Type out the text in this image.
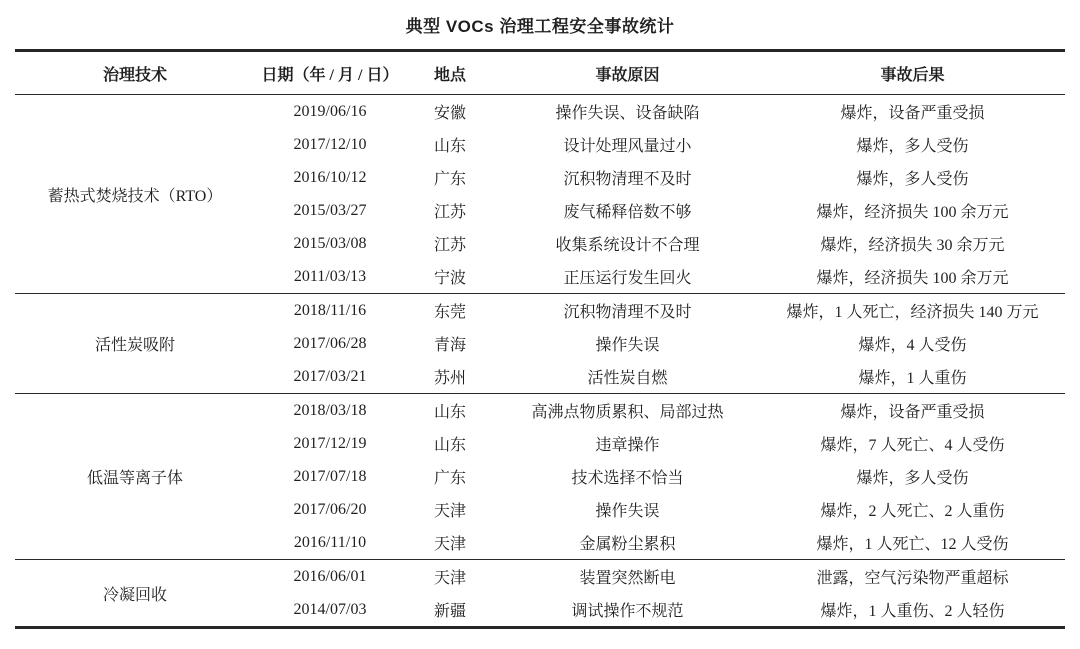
典型 VOCs 治理工程安全事故统计
治理技术	日期（年 / 月 / 日）	地点	事故原因	事故后果
蓄热式焚烧技术（RTO）	2019/06/16	安徽	操作失误、设备缺陷	爆炸，设备严重受损
	2017/12/10	山东	设计处理风量过小	爆炸，多人受伤
	2016/10/12	广东	沉积物清理不及时	爆炸，多人受伤
	2015/03/27	江苏	废气稀释倍数不够	爆炸，经济损失 100 余万元
	2015/03/08	江苏	收集系统设计不合理	爆炸，经济损失 30 余万元
	2011/03/13	宁波	正压运行发生回火	爆炸，经济损失 100 余万元
活性炭吸附	2018/11/16	东莞	沉积物清理不及时	爆炸，1 人死亡，经济损失 140 万元
	2017/06/28	青海	操作失误	爆炸，4 人受伤
	2017/03/21	苏州	活性炭自燃	爆炸，1 人重伤
低温等离子体	2018/03/18	山东	高沸点物质累积、局部过热	爆炸，设备严重受损
	2017/12/19	山东	违章操作	爆炸，7 人死亡、4 人受伤
	2017/07/18	广东	技术选择不恰当	爆炸，多人受伤
	2017/06/20	天津	操作失误	爆炸，2 人死亡、2 人重伤
	2016/11/10	天津	金属粉尘累积	爆炸，1 人死亡、12 人受伤
冷凝回收	2016/06/01	天津	装置突然断电	泄露，空气污染物严重超标
	2014/07/03	新疆	调试操作不规范	爆炸，1 人重伤、2 人轻伤
